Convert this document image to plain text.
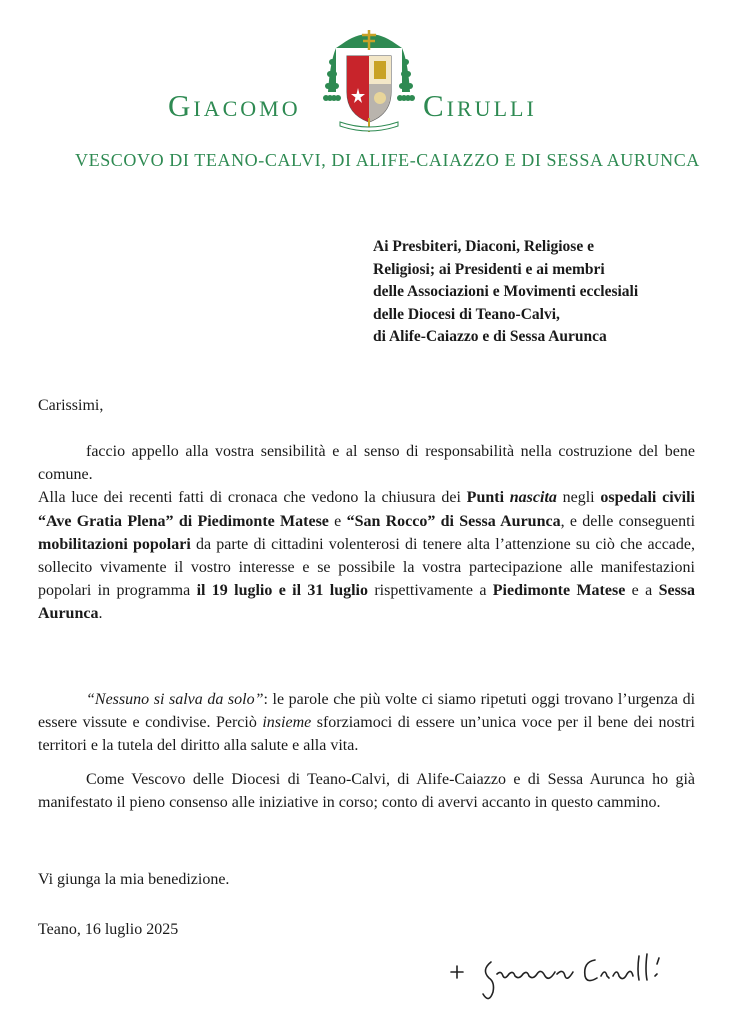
Giacomo	Cirulli
VESCOVO DI TEANO-CALVI, DI ALIFE-CAIAZZO E DI SESSA AURUNCA
Ai Presbiteri, Diaconi, Religiose e
Religiosi; ai Presidenti e ai membri
delle Associazioni e Movimenti ecclesiali
delle Diocesi di Teano-Calvi,
di Alife-Caiazzo e di Sessa Aurunca
Carissimi,
faccio appello alla vostra sensibilità e al senso di responsabilità nella costruzione del bene comune.
Alla luce dei recenti fatti di cronaca che vedono la chiusura dei Punti nascita negli ospedali civili “Ave Gratia Plena” di Piedimonte Matese e “San Rocco” di Sessa Aurunca, e delle conseguenti mobilitazioni popolari da parte di cittadini volenterosi di tenere alta l’attenzione su ciò che accade, sollecito vivamente il vostro interesse e se possibile la vostra partecipazione alle manifestazioni popolari in programma il 19 luglio e il 31 luglio rispettivamente a Piedimonte Matese e a Sessa Aurunca.
“Nessuno si salva da solo”: le parole che più volte ci siamo ripetuti oggi trovano l’urgenza di essere vissute e condivise. Perciò insieme sforziamoci di essere un’unica voce per il bene dei nostri territori e la tutela del diritto alla salute e alla vita.
Come Vescovo delle Diocesi di Teano-Calvi, di Alife-Caiazzo e di Sessa Aurunca ho già manifestato il pieno consenso alle iniziative in corso; conto di avervi accanto in questo cammino.
Vi giunga la mia benedizione.
Teano, 16 luglio 2025
